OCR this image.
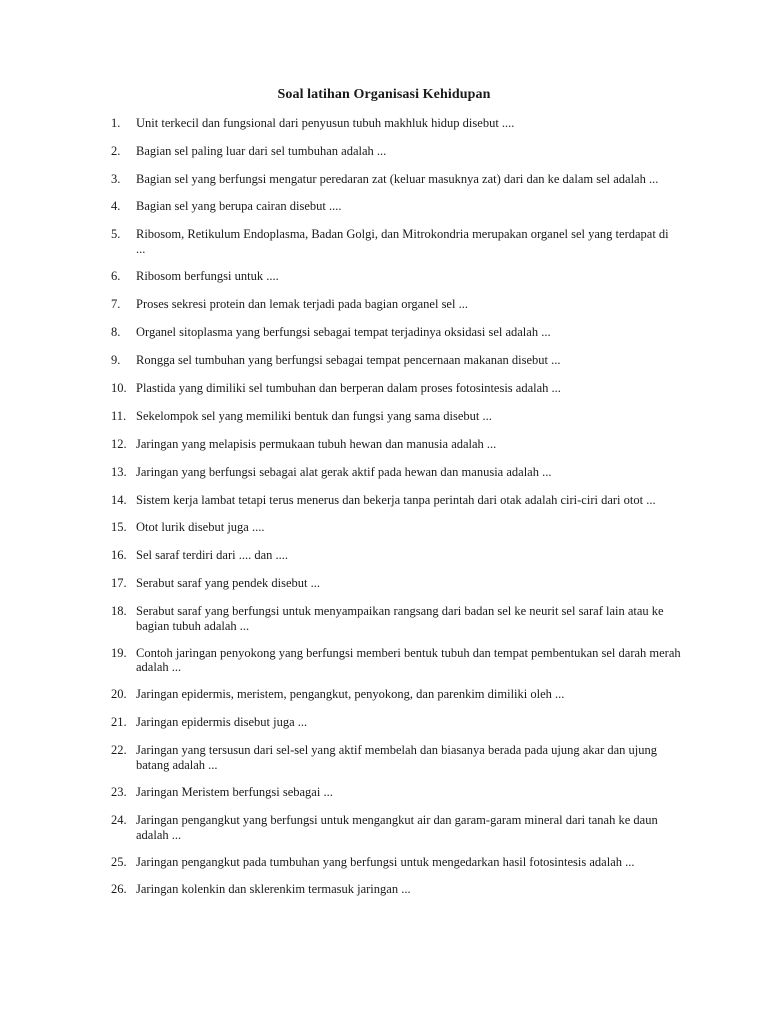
Soal latihan Organisasi Kehidupan
1.	Unit terkecil dan fungsional dari penyusun tubuh makhluk hidup disebut ....
2.	Bagian sel paling luar dari sel tumbuhan adalah ...
3.	Bagian sel yang berfungsi mengatur peredaran zat (keluar masuknya zat) dari dan ke dalam sel adalah ...
4.	Bagian sel yang berupa cairan disebut ....
5.	Ribosom, Retikulum Endoplasma, Badan Golgi, dan Mitrokondria merupakan organel sel yang terdapat di ...
6.	Ribosom berfungsi untuk ....
7.	Proses sekresi protein dan lemak terjadi pada bagian organel sel ...
8.	Organel sitoplasma yang berfungsi sebagai tempat terjadinya oksidasi sel adalah ...
9.	Rongga sel tumbuhan yang berfungsi sebagai tempat pencernaan makanan disebut ...
10. Plastida yang dimiliki sel tumbuhan dan berperan dalam proses fotosintesis adalah ...
11. Sekelompok sel yang memiliki bentuk dan fungsi yang sama disebut ...
12. Jaringan yang melapisis permukaan tubuh hewan dan manusia adalah ...
13. Jaringan yang berfungsi sebagai alat gerak aktif pada hewan dan manusia adalah ...
14. Sistem kerja lambat tetapi terus menerus dan bekerja tanpa perintah dari otak adalah ciri-ciri dari otot ...
15. Otot lurik disebut juga ....
16. Sel saraf terdiri dari .... dan ....
17. Serabut saraf yang pendek disebut ...
18. Serabut saraf yang berfungsi untuk menyampaikan rangsang dari badan sel ke neurit sel saraf lain atau ke bagian tubuh adalah ...
19. Contoh jaringan penyokong yang berfungsi memberi bentuk tubuh dan tempat pembentukan sel darah merah adalah ...
20. Jaringan epidermis, meristem, pengangkut, penyokong, dan parenkim dimiliki oleh ...
21. Jaringan epidermis disebut juga ...
22. Jaringan yang tersusun dari sel-sel yang aktif membelah dan biasanya berada pada ujung akar dan ujung batang adalah ...
23. Jaringan Meristem berfungsi sebagai ...
24. Jaringan pengangkut yang berfungsi untuk mengangkut air dan garam-garam mineral dari tanah ke daun adalah ...
25. Jaringan pengangkut pada tumbuhan yang berfungsi untuk mengedarkan hasil fotosintesis adalah ...
26. Jaringan kolenkin dan sklerenkim termasuk jaringan ...
